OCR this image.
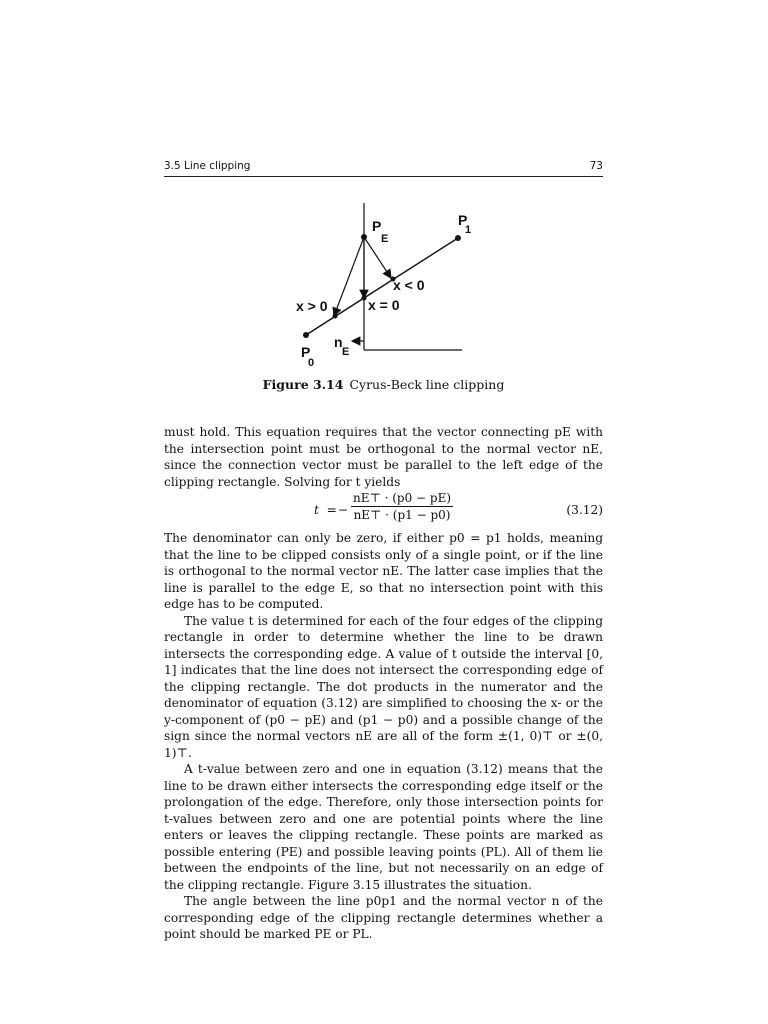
3.5 Line clipping	73
P
E
P
1
P
0
n
E
x < 0
x > 0	x = 0
Figure 3.14 Cyrus-Beck line clipping

must hold. This equation requires that the vector connecting pE with the intersection point must be orthogonal to the normal vector nE, since the connection vector must be parallel to the left edge of the clipping rectangle. Solving for t yields

t = − $\frac{nE⊤ \cdot (p0 - pE)}{nE⊤ \cdot (p1 - p0)}$	(3.12)

The denominator can only be zero, if either p0 = p1 holds, meaning that the line to be clipped consists only of a single point, or if the line is orthogonal to the normal vector nE. The latter case implies that the line is parallel to the edge E, so that no intersection point with this edge has to be computed.

The value t is determined for each of the four edges of the clipping rectangle in order to determine whether the line to be drawn intersects the corresponding edge. A value of t outside the interval [0, 1] indicates that the line does not intersect the corresponding edge of the clipping rectangle. The dot products in the numerator and the denominator of equation (3.12) are simplified to choosing the x- or the y-component of (p0 − pE) and (p1 − p0) and a possible change of the sign since the normal vectors nE are all of the form ±(1, 0)⊤ or ±(0, 1)⊤.

A t-value between zero and one in equation (3.12) means that the line to be drawn either intersects the corresponding edge itself or the prolongation of the edge. Therefore, only those intersection points for t-values between zero and one are potential points where the line enters or leaves the clipping rectangle. These points are marked as possible entering (PE) and possible leaving points (PL). All of them lie between the endpoints of the line, but not necessarily on an edge of the clipping rectangle. Figure 3.15 illustrates the situation.

The angle between the line p0p1 and the normal vector n of the corresponding edge of the clipping rectangle determines whether a point should be marked PE or PL.
